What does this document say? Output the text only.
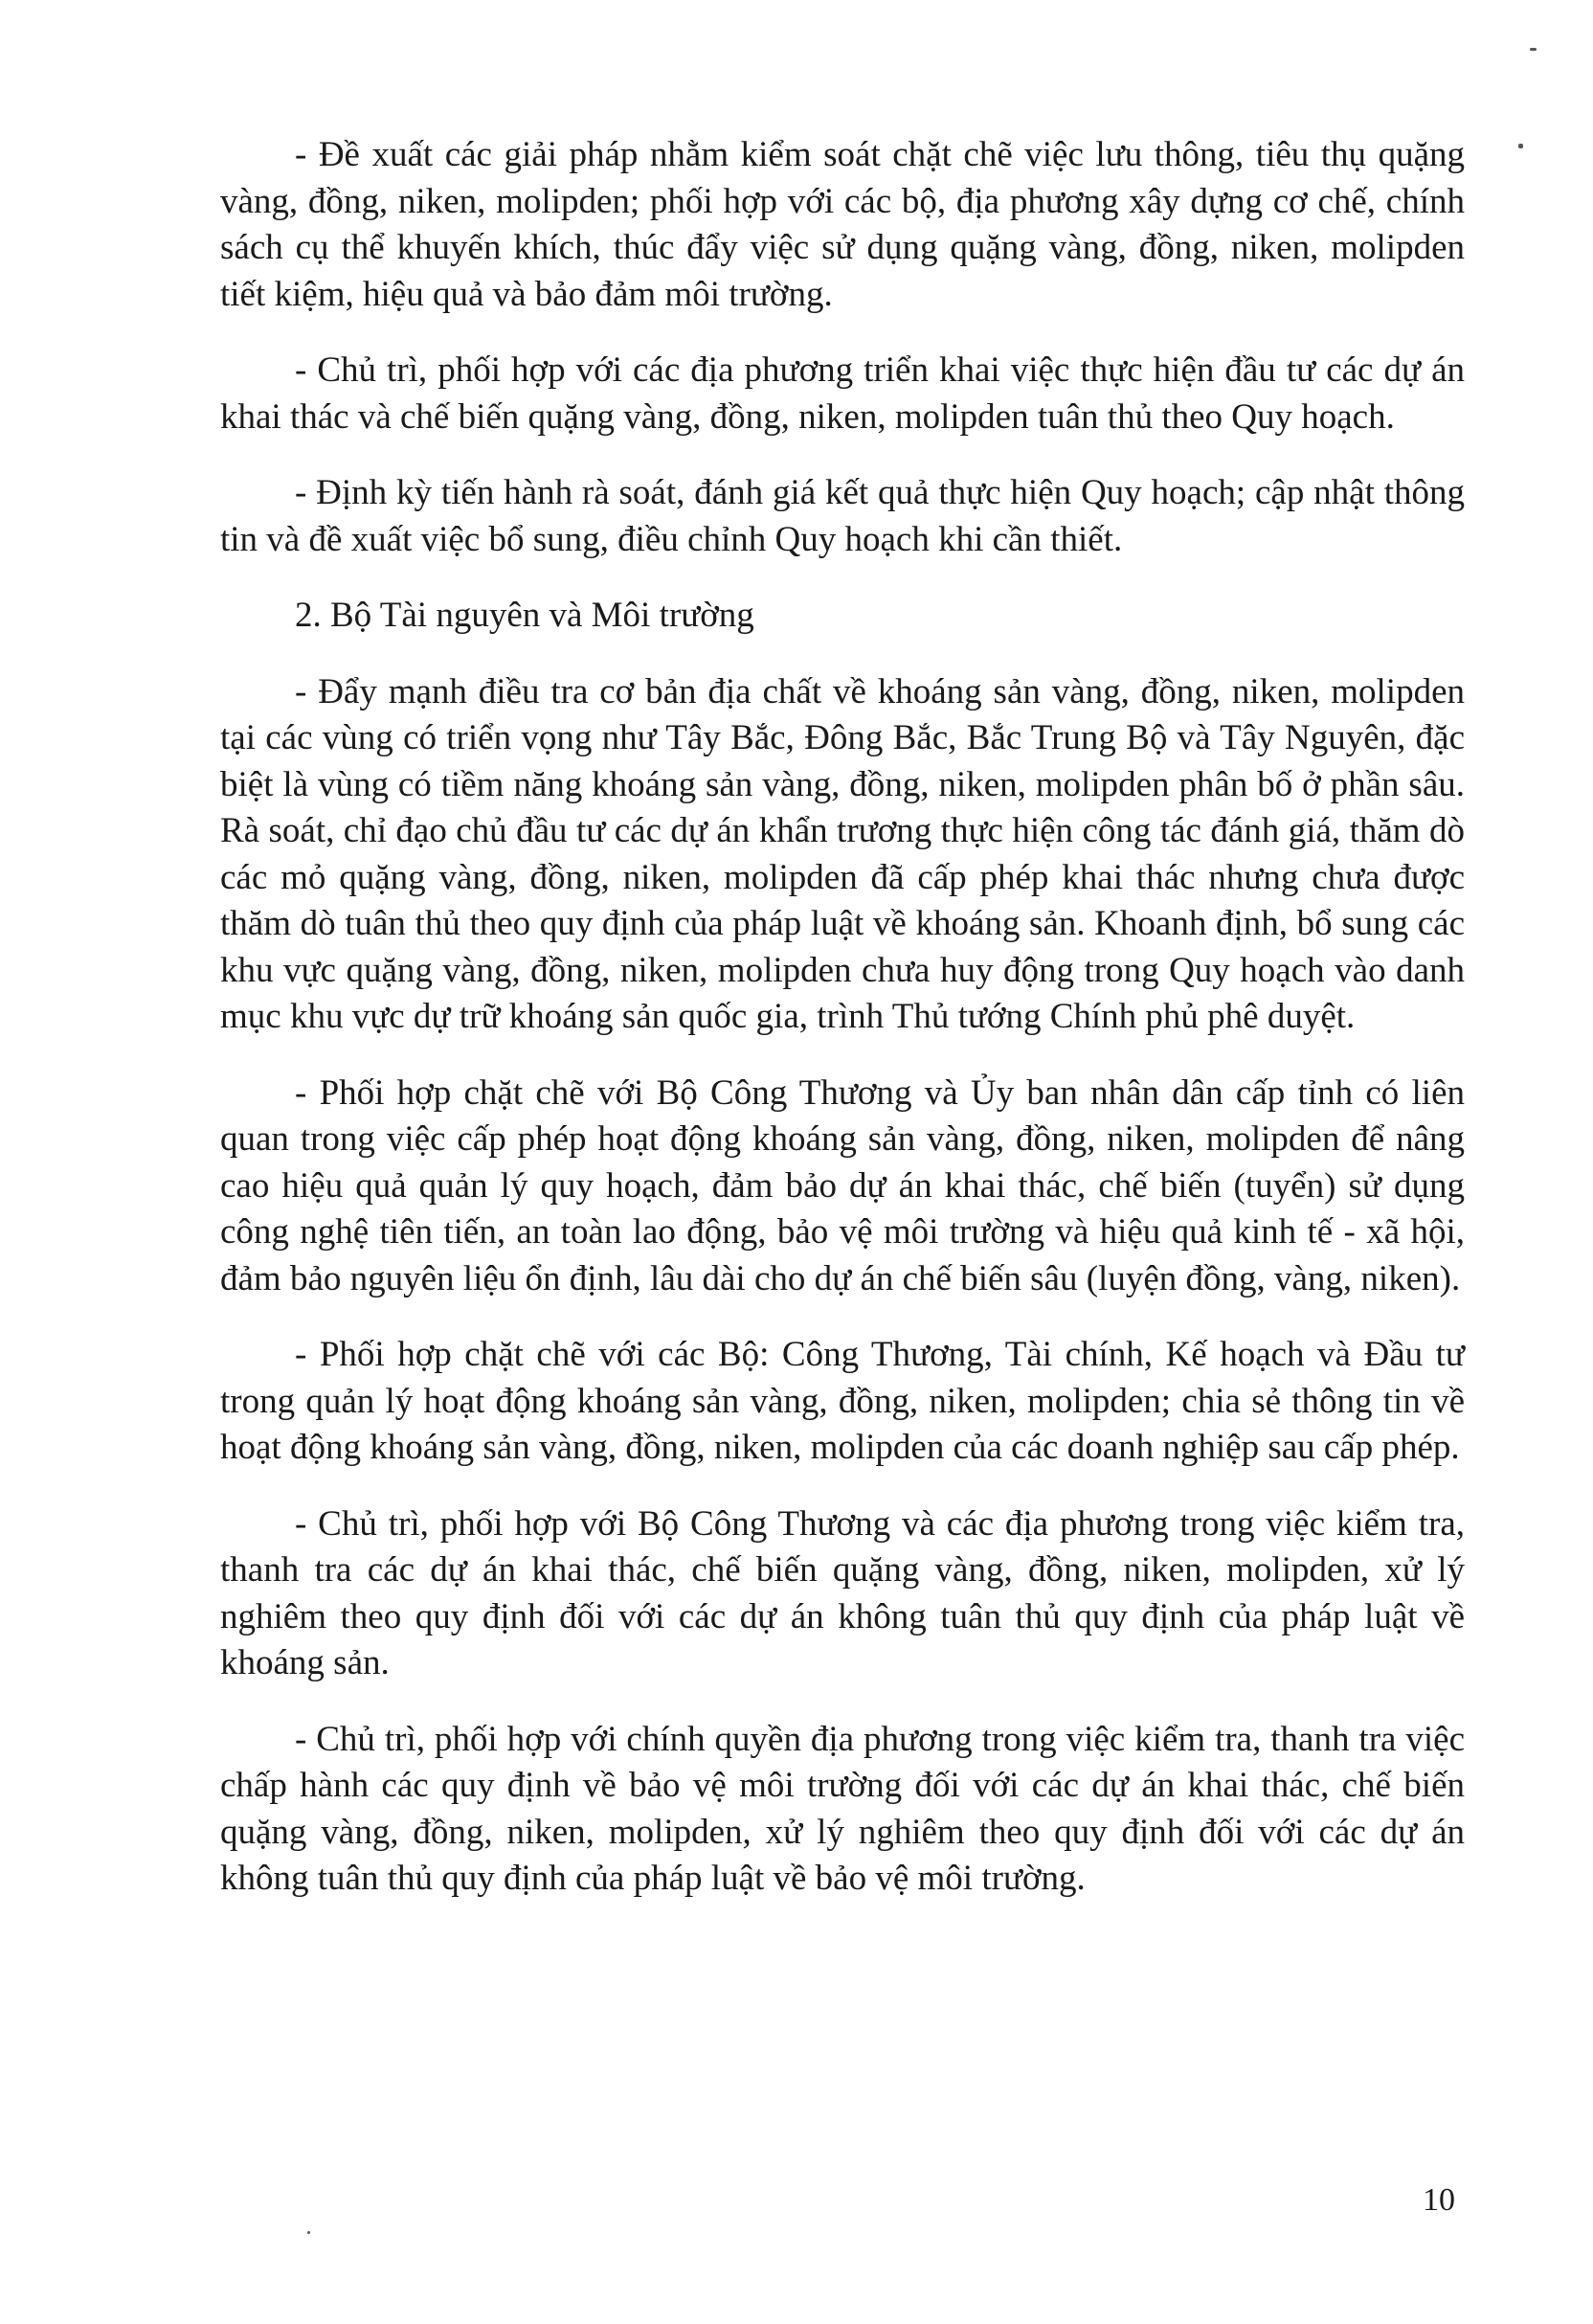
- Đề xuất các giải pháp nhằm kiểm soát chặt chẽ việc lưu thông, tiêu thụ quặng vàng, đồng, niken, molipden; phối hợp với các bộ, địa phương xây dựng cơ chế, chính sách cụ thể khuyến khích, thúc đẩy việc sử dụng quặng vàng, đồng, niken, molipden tiết kiệm, hiệu quả và bảo đảm môi trường.

- Chủ trì, phối hợp với các địa phương triển khai việc thực hiện đầu tư các dự án khai thác và chế biến quặng vàng, đồng, niken, molipden tuân thủ theo Quy hoạch.

- Định kỳ tiến hành rà soát, đánh giá kết quả thực hiện Quy hoạch; cập nhật thông tin và đề xuất việc bổ sung, điều chỉnh Quy hoạch khi cần thiết.

2. Bộ Tài nguyên và Môi trường

- Đẩy mạnh điều tra cơ bản địa chất về khoáng sản vàng, đồng, niken, molipden tại các vùng có triển vọng như Tây Bắc, Đông Bắc, Bắc Trung Bộ và Tây Nguyên, đặc biệt là vùng có tiềm năng khoáng sản vàng, đồng, niken, molipden phân bố ở phần sâu. Rà soát, chỉ đạo chủ đầu tư các dự án khẩn trương thực hiện công tác đánh giá, thăm dò các mỏ quặng vàng, đồng, niken, molipden đã cấp phép khai thác nhưng chưa được thăm dò tuân thủ theo quy định của pháp luật về khoáng sản. Khoanh định, bổ sung các khu vực quặng vàng, đồng, niken, molipden chưa huy động trong Quy hoạch vào danh mục khu vực dự trữ khoáng sản quốc gia, trình Thủ tướng Chính phủ phê duyệt.

- Phối hợp chặt chẽ với Bộ Công Thương và Ủy ban nhân dân cấp tỉnh có liên quan trong việc cấp phép hoạt động khoáng sản vàng, đồng, niken, molipden để nâng cao hiệu quả quản lý quy hoạch, đảm bảo dự án khai thác, chế biến (tuyển) sử dụng công nghệ tiên tiến, an toàn lao động, bảo vệ môi trường và hiệu quả kinh tế - xã hội, đảm bảo nguyên liệu ổn định, lâu dài cho dự án chế biến sâu (luyện đồng, vàng, niken).

- Phối hợp chặt chẽ với các Bộ: Công Thương, Tài chính, Kế hoạch và Đầu tư trong quản lý hoạt động khoáng sản vàng, đồng, niken, molipden; chia sẻ thông tin về hoạt động khoáng sản vàng, đồng, niken, molipden của các doanh nghiệp sau cấp phép.

- Chủ trì, phối hợp với Bộ Công Thương và các địa phương trong việc kiểm tra, thanh tra các dự án khai thác, chế biến quặng vàng, đồng, niken, molipden, xử lý nghiêm theo quy định đối với các dự án không tuân thủ quy định của pháp luật về khoáng sản.

- Chủ trì, phối hợp với chính quyền địa phương trong việc kiểm tra, thanh tra việc chấp hành các quy định về bảo vệ môi trường đối với các dự án khai thác, chế biến quặng vàng, đồng, niken, molipden, xử lý nghiêm theo quy định đối với các dự án không tuân thủ quy định của pháp luật về bảo vệ môi trường.

10
